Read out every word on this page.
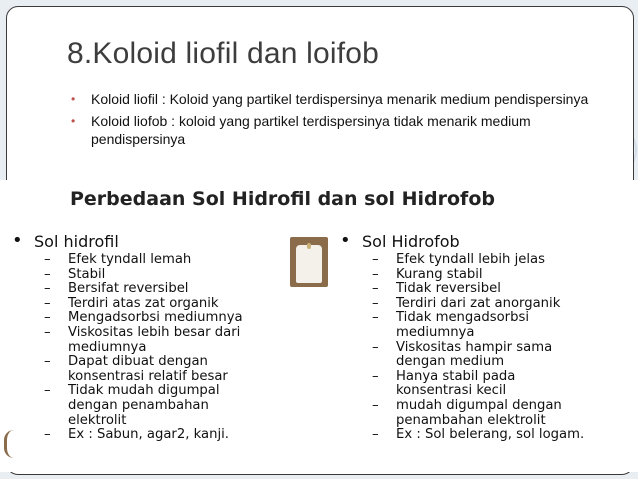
8.Koloid liofil dan loifob
• Koloid liofil : Koloid yang partikel terdispersinya menarik medium pendispersinya
• Koloid liofob : koloid yang partikel terdispersinya tidak menarik medium pendispersinya
Perbedaan Sol Hidrofil dan sol Hidrofob
• Sol hidrofil
– Efek tyndall lemah
– Stabil
– Bersifat reversibel
– Terdiri atas zat organik
– Mengadsorbsi mediumnya
– Viskositas lebih besar dari
mediumnya
– Dapat dibuat dengan
konsentrasi relatif besar
– Tidak mudah digumpal
dengan penambahan
elektrolit
– Ex : Sabun, agar2, kanji.
• Sol Hidrofob
– Efek tyndall lebih jelas
– Kurang stabil
– Tidak reversibel
– Terdiri dari zat anorganik
– Tidak mengadsorbsi
mediumnya
– Viskositas hampir sama
dengan medium
– Hanya stabil pada
konsentrasi kecil
– mudah digumpal dengan
penambahan elektrolit
– Ex : Sol belerang, sol logam.
